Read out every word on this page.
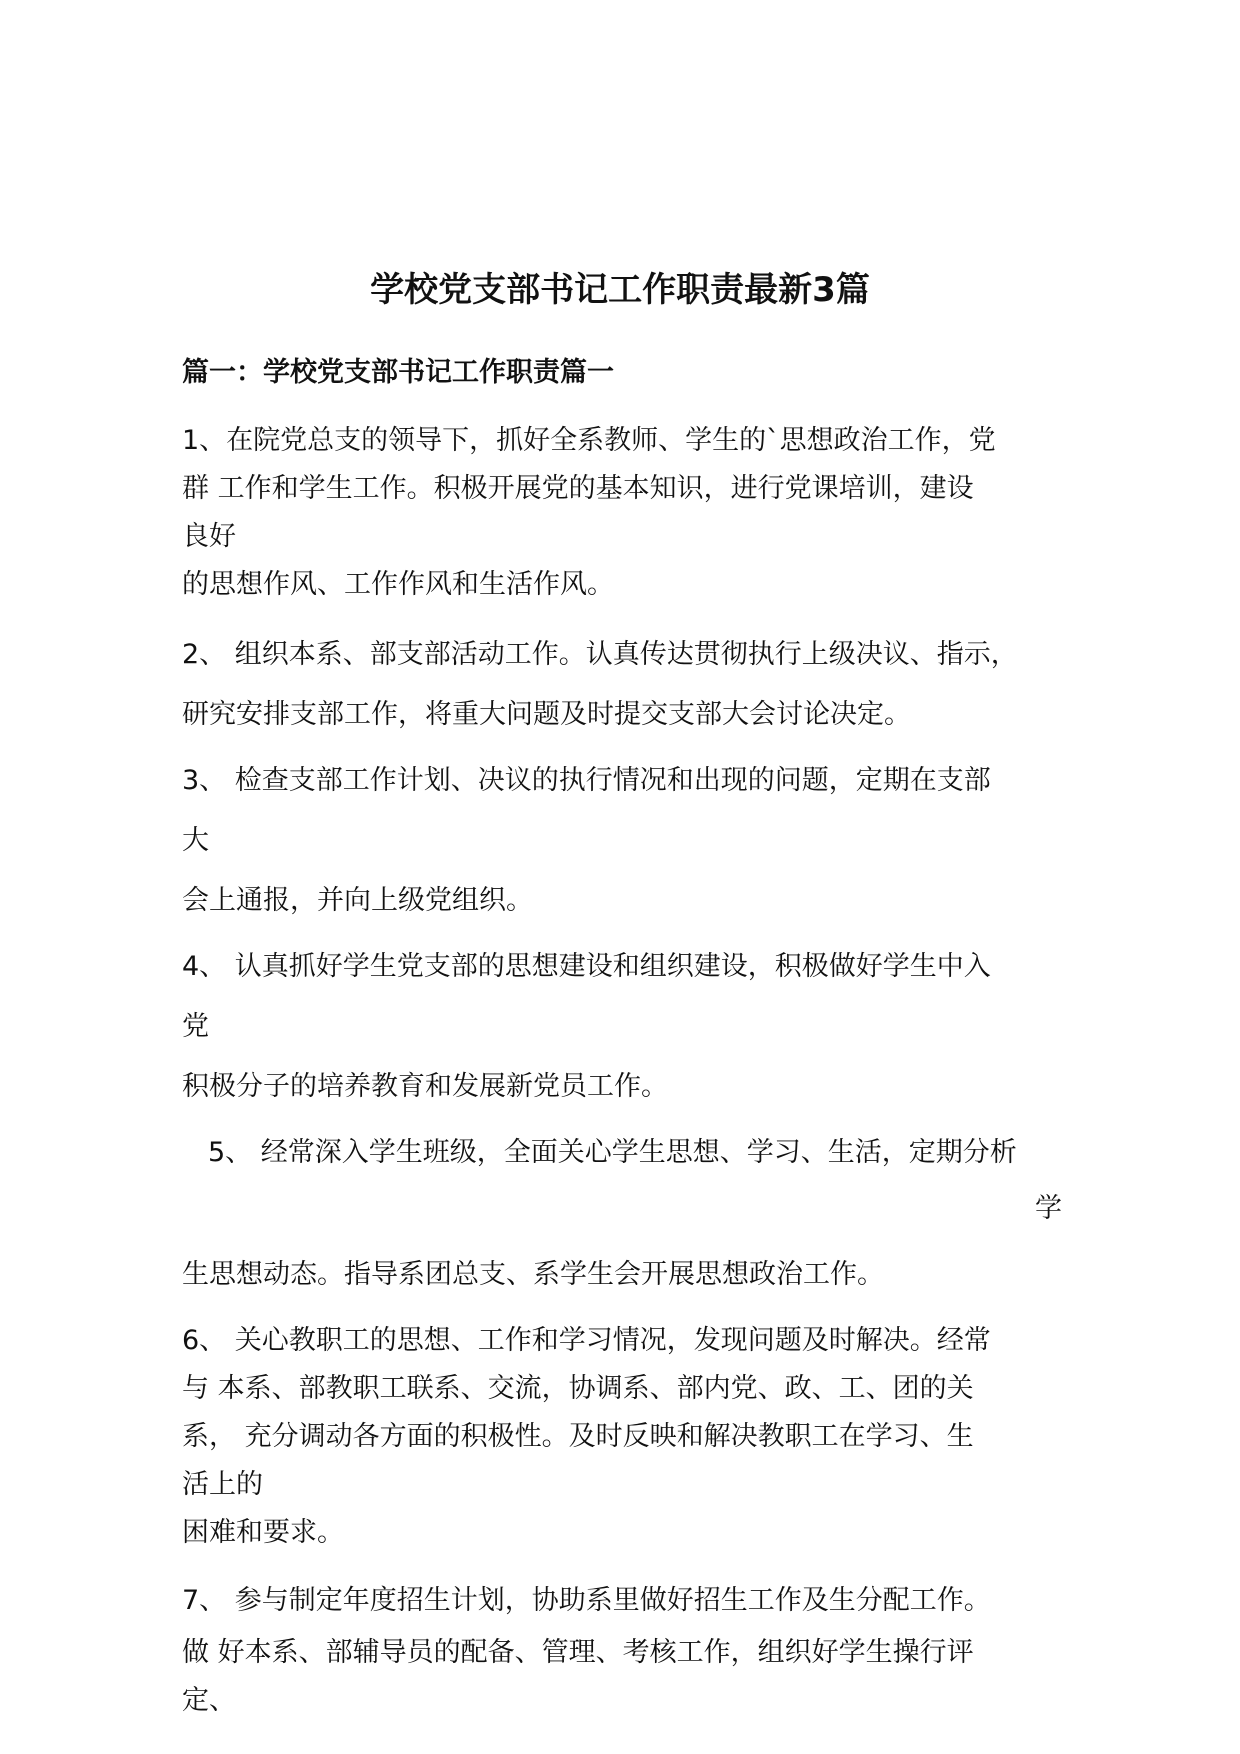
学校党支部书记工作职责最新3篇
篇一：学校党支部书记工作职责篇一
1、在院党总支的领导下，抓好全系教师、学生的`思想政治工作，党
群 工作和学生工作。积极开展党的基本知识，进行党课培训，建设
良好
的思想作风、工作作风和生活作风。
2、 组织本系、部支部活动工作。认真传达贯彻执行上级决议、指示，
研究安排支部工作，将重大问题及时提交支部大会讨论决定。
3、 检查支部工作计划、决议的执行情况和出现的问题，定期在支部
大
会上通报，并向上级党组织。
4、 认真抓好学生党支部的思想建设和组织建设，积极做好学生中入
党
积极分子的培养教育和发展新党员工作。
5、 经常深入学生班级，全面关心学生思想、学习、生活，定期分析
学
生思想动态。指导系团总支、系学生会开展思想政治工作。
6、 关心教职工的思想、工作和学习情况，发现问题及时解决。经常
与 本系、部教职工联系、交流，协调系、部内党、政、工、团的关
系， 充分调动各方面的积极性。及时反映和解决教职工在学习、生
活上的
困难和要求。
7、 参与制定年度招生计划，协助系里做好招生工作及生分配工作。
做 好本系、部辅导员的配备、管理、考核工作，组织好学生操行评
定、
